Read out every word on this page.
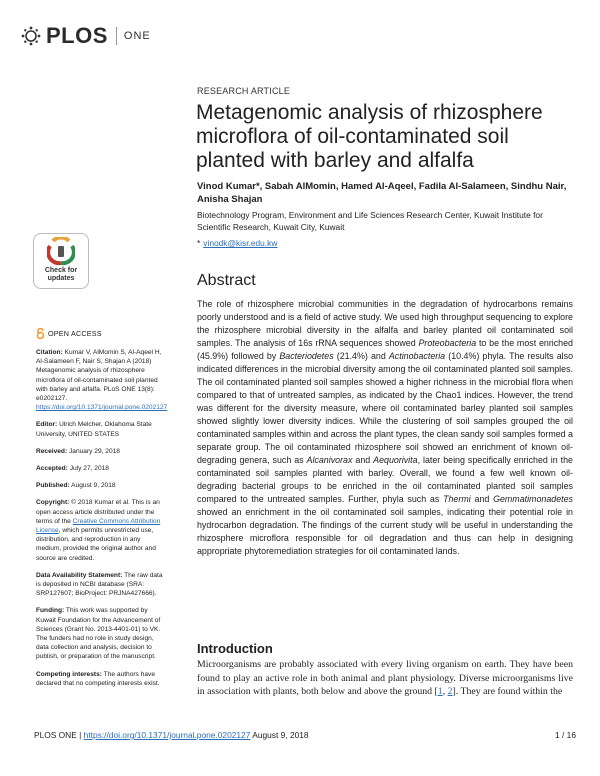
PLOS ONE
RESEARCH ARTICLE
Metagenomic analysis of rhizosphere microflora of oil-contaminated soil planted with barley and alfalfa
Vinod Kumar*, Sabah AlMomin, Hamed Al-Aqeel, Fadila Al-Salameen, Sindhu Nair, Anisha Shajan
Biotechnology Program, Environment and Life Sciences Research Center, Kuwait Institute for Scientific Research, Kuwait City, Kuwait
* vinodk@kisr.edu.kw
Abstract
The role of rhizosphere microbial communities in the degradation of hydrocarbons remains poorly understood and is a field of active study. We used high throughput sequencing to explore the rhizosphere microbial diversity in the alfalfa and barley planted oil contaminated soil samples. The analysis of 16s rRNA sequences showed Proteobacteria to be the most enriched (45.9%) followed by Bacteriodetes (21.4%) and Actinobacteria (10.4%) phyla. The results also indicated differences in the microbial diversity among the oil contaminated planted soil samples. The oil contaminated planted soil samples showed a higher richness in the microbial flora when compared to that of untreated samples, as indicated by the Chao1 indices. However, the trend was different for the diversity measure, where oil contaminated barley planted soil samples showed slightly lower diversity indices. While the clustering of soil samples grouped the oil contaminated samples within and across the plant types, the clean sandy soil samples formed a separate group. The oil contaminated rhizosphere soil showed an enrichment of known oil-degrading genera, such as Alcanivorax and Aequorivita, later being specifically enriched in the contaminated soil samples planted with barley. Overall, we found a few well known oil-degrading bacterial groups to be enriched in the oil contaminated planted soil samples compared to the untreated samples. Further, phyla such as Thermi and Gemmatimonadetes showed an enrichment in the oil contaminated soil samples, indicating their potential role in hydrocarbon degradation. The findings of the current study will be useful in understanding the rhizosphere microflora responsible for oil degradation and thus can help in designing appropriate phytoremediation strategies for oil contaminated lands.
Introduction
Microorganisms are probably associated with every living organism on earth. They have been found to play an active role in both animal and plant physiology. Diverse microorganisms live in association with plants, both below and above the ground [1, 2]. They are found within the
Check for
updates
OPEN ACCESS
Citation: Kumar V, AlMomin S, Al-Aqeel H, Al-Salameen F, Nair S, Shajan A (2018) Metagenomic analysis of rhizosphere microflora of oil-contaminated soil planted with barley and alfalfa. PLoS ONE 13(8): e0202127. https://doi.org/10.1371/journal.pone.0202127
Editor: Ulrich Melcher, Oklahoma State University, UNITED STATES
Received: January 29, 2018
Accepted: July 27, 2018
Published: August 9, 2018
Copyright: © 2018 Kumar et al. This is an open access article distributed under the terms of the Creative Commons Attribution License, which permits unrestricted use, distribution, and reproduction in any medium, provided the original author and source are credited.
Data Availability Statement: The raw data is deposited in NCBI database (SRA: SRP127607; BioProject: PRJNA427666).
Funding: This work was supported by Kuwait Foundation for the Advancement of Sciences (Grant No. 2013-4401-01) to VK. The funders had no role in study design, data collection and analysis, decision to publish, or preparation of the manuscript.
Competing interests: The authors have declared that no competing interests exist.
PLOS ONE | https://doi.org/10.1371/journal.pone.0202127 August 9, 2018	1 / 16
